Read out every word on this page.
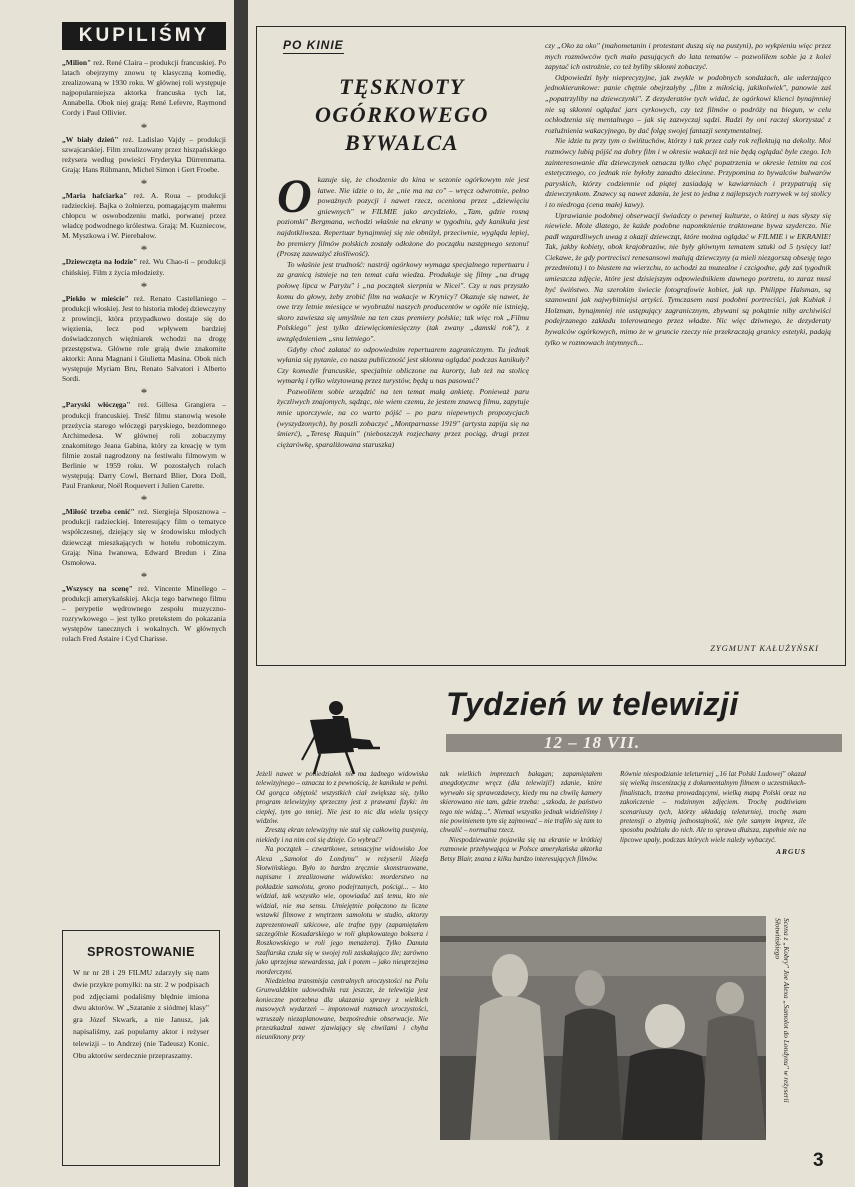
KUPILIŚMY

„Milion" reż. René Claira – produkcji francuskiej. Po latach obejrzymy znowu tę klasyczną komedię, zrealizowaną w 1930 roku. W głównej roli występuje najpopularniejsza aktorka francuska tych lat, Annabella. Obok niej grają: René Lefevre, Raymond Cordy i Paul Ollivier.

*

„W biały dzień" reż. Ladislao Vajdy – produkcji szwajcarskiej. Film zrealizowany przez hiszpańskiego reżysera według powieści Fryderyka Dürrenmatta. Grają: Hans Rühmann, Michel Simon i Gert Froebe.

*

„Maria hafciarka" reż. A. Roua – produkcji radzieckiej. Bajka o żołnierzu, pomagającym małemu chłopcu w oswobodzeniu matki, porwanej przez władcę podwodnego królestwa. Grają: M. Kuzniecow, M. Myszkowa i W. Pierebałow.

*

„Dziewczęta na łodzie" reż. Wu Chao-ti – produkcji chińskiej. Film z życia młodzieży.

*

„Piekło w mieście" reż. Renato Castellaniego – produkcji włoskiej. Jest to historia młodej dziewczyny z prowincji, która przypadkowo dostaje się do więzienia, lecz pod wpływem bardziej doświadczonych więźniarek wchodzi na drogę przestępstwa. Główne role grają dwie znakomite aktorki: Anna Magnani i Giulietta Masina. Obok nich występuje Myriam Bru, Renato Salvatori i Alberto Sordi.

*

„Paryski włóczęga" reż. Gillesa Grangiera – produkcji francuskiej. Treść filmu stanowią wesołe przeżycia starego włóczęgi paryskiego, bezdomnego Archimedesa. W głównej roli zobaczymy znakomitego Jeana Gabina, który za kreację w tym filmie został nagrodzony na festiwalu filmowym w Berlinie w 1959 roku. W pozostałych rolach występują: Darry Cowl, Bernard Blier, Dora Doll, Paul Frankeur, Noël Roquevert i Julien Carette.

*

„Miłość trzeba cenić" reż. Siergieja Słposznowa – produkcji radzieckiej. Interesujący film o tematyce współczesnej, dziejący się w środowisku młodych dziewcząt mieszkających w hotelu robotniczym. Grają: Nina Iwanowa, Edward Bredun i Zina Osmołowa.

*

„Wszyscy na scenę" reż. Vincente Minellego – produkcji amerykańskiej. Akcja tego barwnego filmu – perypetie wędrownego zespołu muzyczno-rozrywkowego – jest tylko pretekstem do pokazania występów tanecznych i wokalnych. W głównych rolach Fred Astaire i Cyd Charisse.

SPROSTOWANIE

W nr nr 28 i 29 FILMU zdarzyły się nam dwie przykre pomyłki: na str. 2 w podpisach pod zdjęciami podaliśmy błędnie imiona dwu aktorów. W „Szatanie z siódmej klasy" gra Józef Skwark, a nie Janusz, jak napisaliśmy, zaś popularny aktor i reżyser telewizji – to Andrzej (nie Tadeusz) Konic. Obu aktorów serdecznie przepraszamy.

PO KINIE
TĘSKNOTY
OGÓRKOWEGO
BYWALCA

Okazuje się, że chodzenie do kina w sezonie ogórkowym nie jest łatwe. Nie idzie o to, że „nie ma na co" – wręcz odwrotnie, pełno poważnych pozycji i nawet rzecz, oceniona przez „dziewięciu gniewnych" w FILMIE jako arcydzieło, „Tam, gdzie rosną poziomki" Bergmana, wchodzi właśnie na ekrany w tygodniu, gdy kanikuła jest najdotkliwsza. Repertuar bynajmniej się nie obniżył, przeciwnie, wygląda lepiej, bo premiery filmów polskich zostały odłożone do początku następnego sezonu! (Proszę zauważyć złośliwość).

To właśnie jest trudność: nastrój ogórkowy wymaga specjalnego repertuaru i za granicą istnieje na ten temat cała wiedza. Produkuje się filmy „na drugą połowę lipca w Paryżu" i „na początek sierpnia w Nicei". Czy u nas przyszło komu do głowy, żeby zrobić film na wakacje w Krynicy? Okazuje się nawet, że owe trzy letnie miesiące w wyobraźni naszych producentów w ogóle nie istnieją, skoro zawiesza się umyślnie na ten czas premiery polskie; tak więc rok „Filmu Polskiego" jest tylko dziewięciomiesięczny (tak zwany „damski rok"), z uwzględnieniem „snu letniego".

Gdyby choć załatać to odpowiednim repertuarem zagranicznym. Tu jednak wyłania się pytanie, co nasza publiczność jest skłonna oglądać podczas kanikuły? Czy komedie francuskie, specjalnie obliczone na kurorty, lub też na stolicę wymarłą i tylko wizytowaną przez turystów, będą u nas pasować?

Pozwoliłem sobie urządzić na ten temat małą ankietę. Ponieważ paru życzliwych znajomych, sądząc, nie wiem czemu, że jestem znawcą filmu, zapytuje mnie uporczywie, na co warto pójść – po paru niepewnych propozycjach (wyszydzonych), by poszli zobaczyć „Montparnasse 1919" (artysta zapija się na śmierć), „Teresę Raquin" (nieboszczyk rozjechany przez pociąg, drugi przez ciężarówkę, sparaliżowana staruszka)

czy „Oko za oko" (mahometanin i protestant duszą się na pustyni), po wykpieniu więc przez mych rozmówców tych mało pasujących do lata tematów – pozwoliłem sobie ja z kolei zapytać ich ostrożnie, co też byliby skłonni zobaczyć.

Odpowiedzi były nieprecyzyjne, jak zwykle w podobnych sondażach, ale uderzająco jednokierunkowe: panie chętnie obejrzałyby „film z miłością, jakikolwiek", panowie zaś „popatrzyliby na dziewczynki". Z dezyderatów tych widać, że ogórkowi klienci bynajmniej nie są skłonni oglądać jars cyrkowych, czy też filmów o podróży na biegun, w celu ochłodzenia się mentalnego – jak się zazwyczaj sądzi. Radzi by oni raczej skorzystać z rozluźnienia wakacyjnego, by dać folgę swojej fantazji sentymentalnej.

Nie idzie tu przy tym o świńtuchów, którzy i tak przez cały rok reflektują na dekolty. Moi rozmówcy lubią pójść na dobry film i w okresie wakacji też nie będą oglądać byle czego. Ich zainteresowanie dla dziewczynek oznacza tylko chęć popatrzenia w okresie letnim na coś estetycznego, co jednak nie byłoby zanadto dziecinne. Przypomina to bywalców bulwarów paryskich, którzy codziennie od piątej zasiadają w kawiarniach i przypatrują się dziewczynkom. Znawcy są nawet zdania, że jest to jedna z najlepszych rozrywek w tej stolicy i to niedroga (cena małej kawy).

Uprawianie podobnej obserwacji świadczy o pewnej kulturze, o której u nas słyszy się niewiele. Może dlatego, że każde podobne napomknienie traktowane bywa szyderczo. Nie padł wzgardliwych uwag z okazji dziewcząt, które można oglądać w FILMIE i w EKRANIE! Tak, jakby kobiety, obok krajobrazów, nie były głównym tematem sztuki od 5 tysięcy lat! Ciekawe, że gdy portrecisci renesansowi malują dziewczyny (a mieli niezgorszą obsesję tego przedmiotu) i to biustem na wierzchu, to uchodzi za muzealne i czcigodne, gdy zaś tygodnik umieszcza zdjęcie, które jest dzisiejszym odpowiednikiem dawnego portretu, to zaraz musi być świństwo. Na szerokim świecie fotografowie kobiet, jak np. Philippe Halsman, są szanowani jak najwybitniejsi artyści. Tymczasem nasi podobni portreciści, jak Kubiak i Holzman, bynajmniej nie ustępujący zagranicznym, zbywani są pokątnie niby archiwiści podejrzanego zakładu tolerowanego przez władze. Nic więc dziwnego, że dezyderaty bywalców ogórkowych, mimo że w gruncie rzeczy nie przekraczają granicy estetyki, padają tylko w rozmowach intymnych...

ZYGMUNT KAŁUŻYŃSKI
Tydzień w telewizji
12 – 18 VII.

Jeżeli nawet w poniedziałek nie ma żadnego widowiska telewizyjnego – oznacza to z pewnością, że kanikuła w pełni. Od gorąca objętość wszystkich ciał zwiększa się, tylko program telewizyjny sprzeczny jest z prawami fizyki: im ciepłej, tym go mniej. Nie jest to nic dla wielu tysięcy widzów.

Zresztą ekran telewizyjny nie stał się całkowitą pustynią, niekiedy i na nim coś się dzieje. Co wybrać?

Na początek – czwartkowe, sensacyjne widowisko Joe Alexa „Samolot do Londynu" w reżyserii Józefa Słotwińskiego. Było to bardzo zręcznie skonstruowane, napisane i zrealizowane widowisko: morderstwo na pokładzie samolotu, grono podejrzanych, pościgi... – kto widział, tak wszystko wie, opowiadać zaś temu, kto nie widział, nie ma sensu. Umiejętnie połączono tu liczne wstawki filmowe z wnętrzem samolotu w studio, aktorzy zaprezentowali szkicowe, ale trafne typy (zapamiętałem szczególnie Kosudarskiego w roli głupkowatego boksera i Roszkowskiego w roli jego menażera). Tylko Danuta Szaflarska czuła się w swojej roli zaskakująco źle; zarówno jako uprzejma stewardessa, jak i potem – jako nieuprzejma morderczyni.

Niedzielna transmisja centralnych uroczystości na Polu Grunwaldzkim udowodniła raz jeszcze, że telewizja jest konieczne potrzebna dla ukazania sprawy z wielkich masowych wydarzeń – imponował rozmach uroczystości, wzruszały niezaplanowane, bezpośrednie obserwacje. Nie przeszkadzał nawet zjawiający się chwilami i chyba nieuniknony przy

tak wielkich imprezach bałagan; zapamiętałem anegdotyczne wręcz (dla telewizji!) zdanie, które wyrwało się sprawozdawcy, kiedy mu na chwilę kamery skierowano nie tam, gdzie trzeba: „szkoda, że państwo tego nie widzą...". Niemal wszystko jednak widzieliśmy i nie powinienem tym się zajmować – nie trafiło się tam to chwalić – normalna rzecz.

Niespodziewanie pojawiła się na ekranie w krótkiej rozmowie przebywająca w Polsce amerykańska aktorka Betsy Blair, znana z kilku bardzo interesujących filmów.

Równie niespodzianie teleturniej „16 lat Polski Ludowej" okazał się wielką inscenizacją z dokumentalnym filmem o uczestnikach-finalistach, trzema prowadzącymi, wielką mapą Polski oraz na zakończenie – rodzinnym zdjęciem. Trochę podziwiam scenariuszy tych, którzy układają teleturniej, trochę mam pretensji o zbytnią jednostajność, nie tyle samym imprez, ile sposobu podziału do nich. Ale to sprawa dłuższa, zupełnie nie na lipcowe upały, podczas których wiele należy wybaczyć.

ARGUS
Scena z „Kobry" Joe Alexa „Samolot do Londynu" w reżyserii Słotwińskiego
3
